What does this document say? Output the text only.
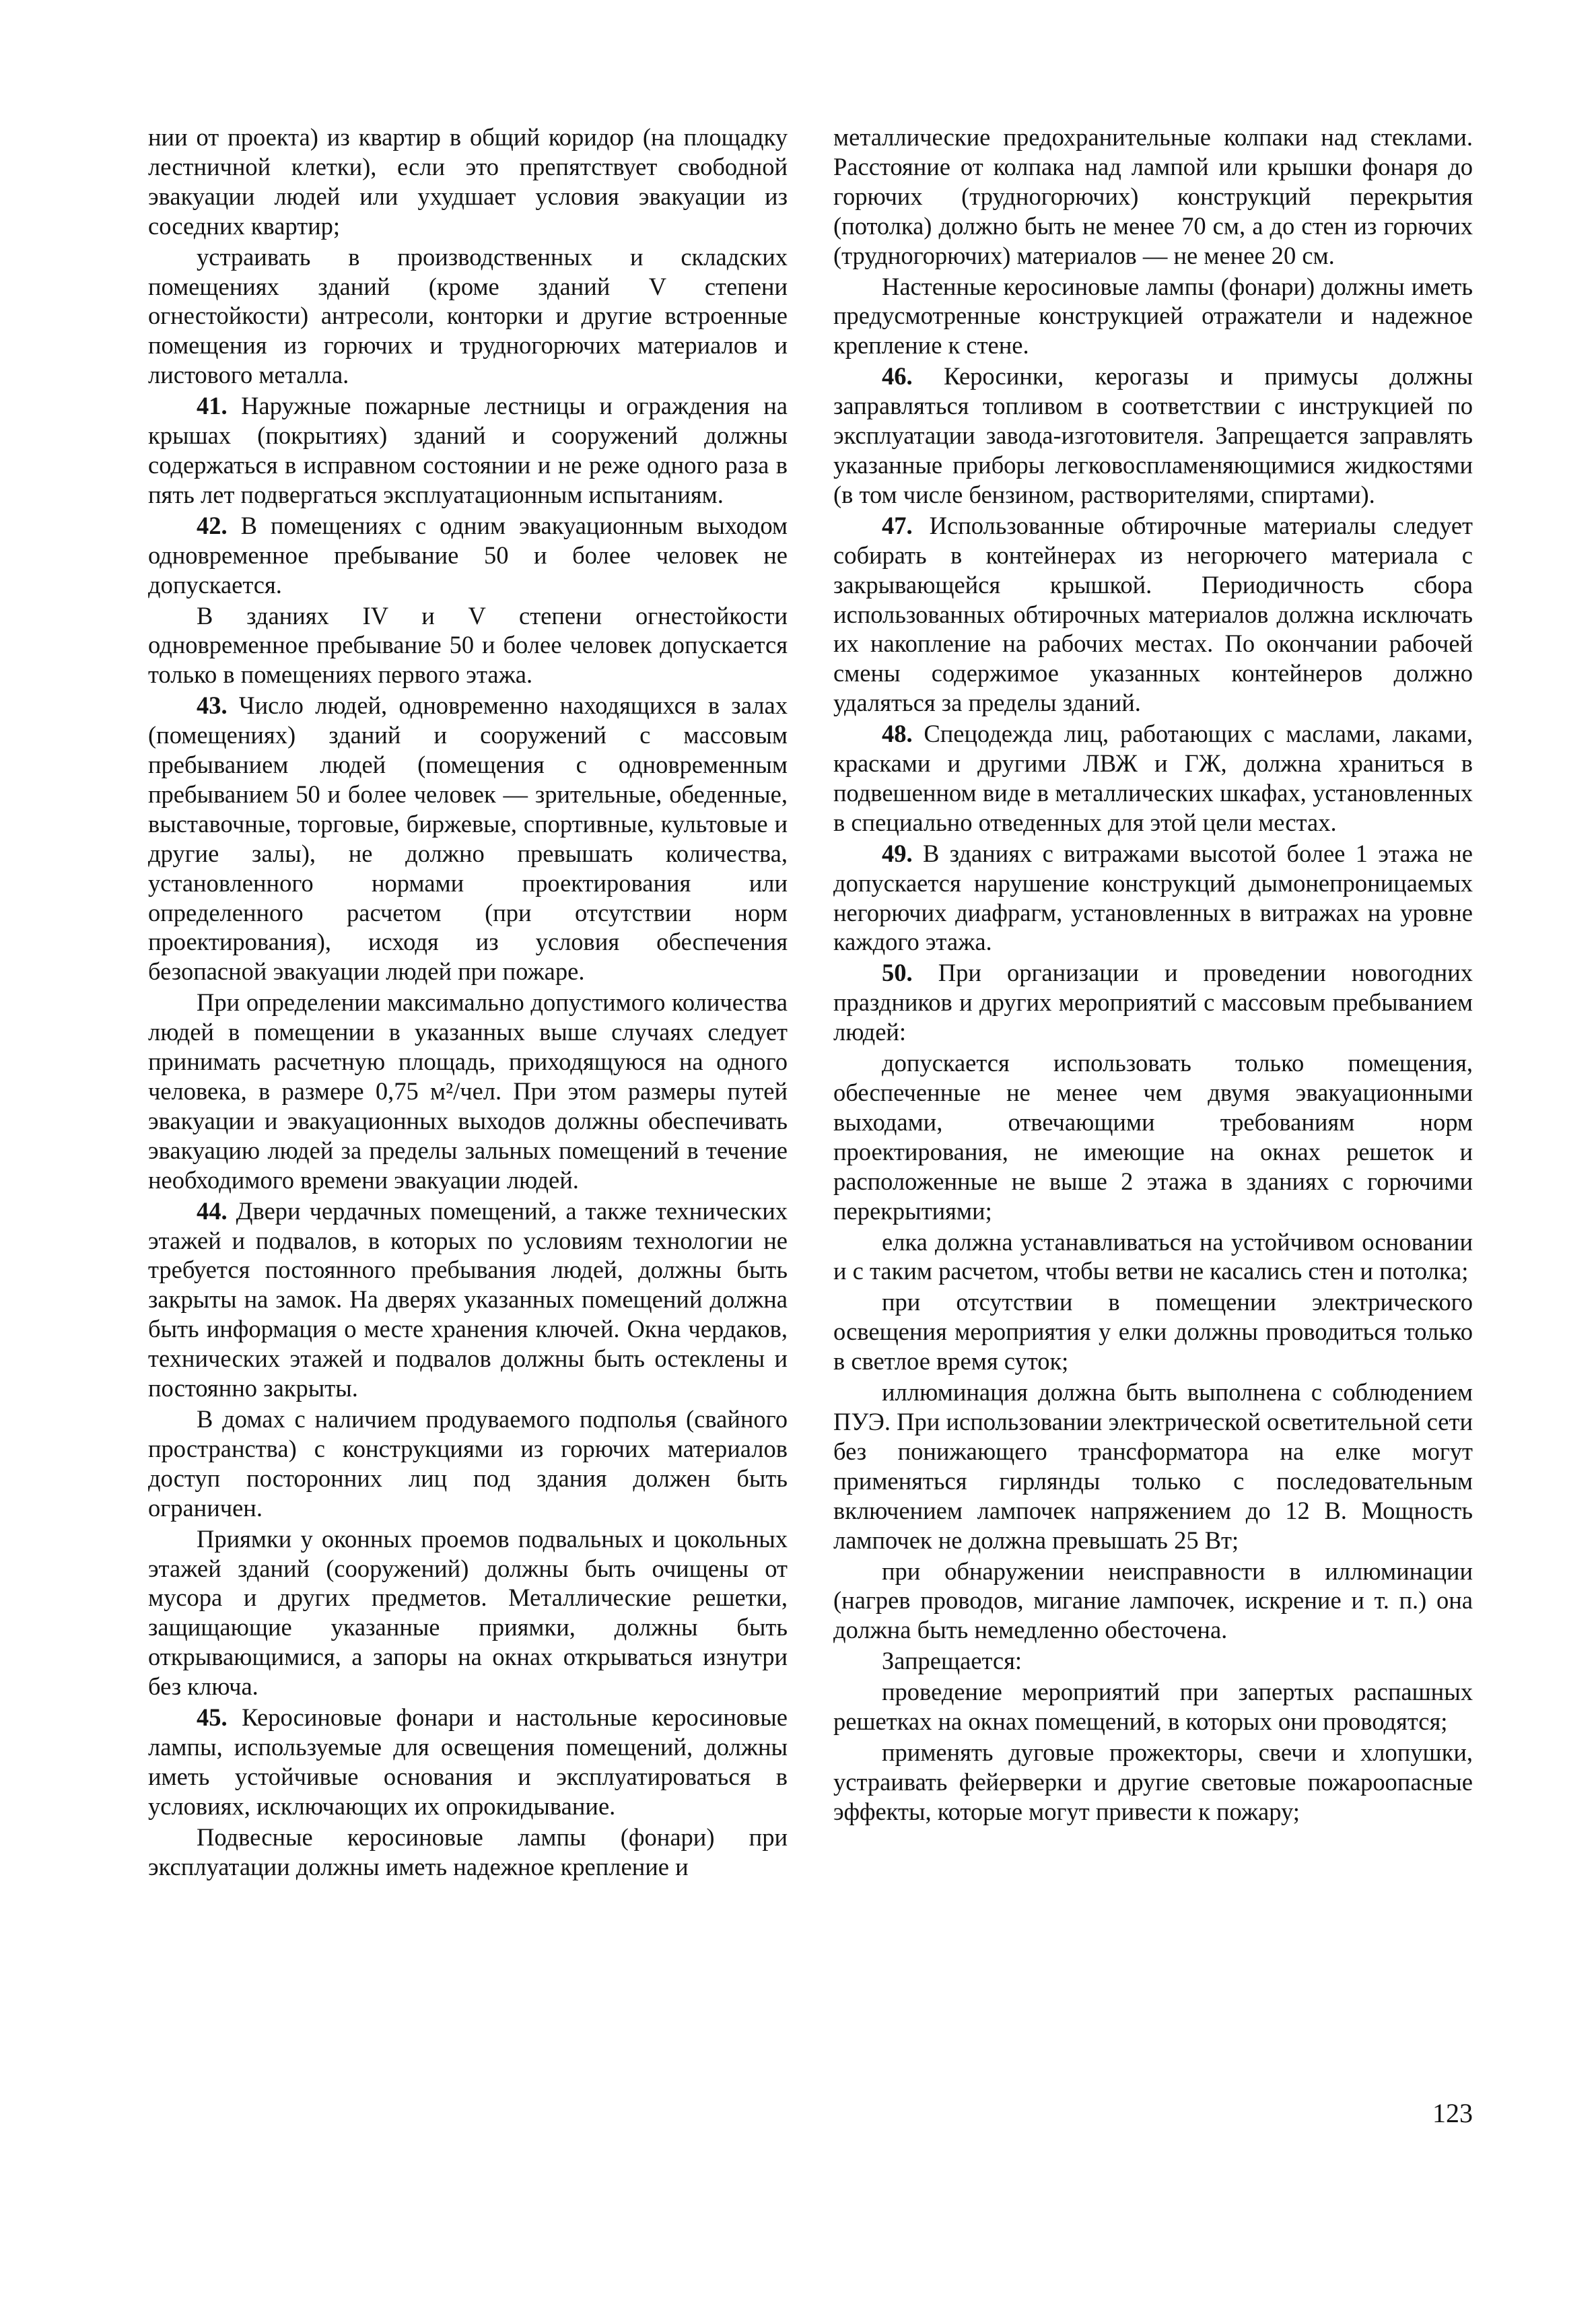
нии от проекта) из квартир в общий коридор (на площадку лестничной клетки), если это препятствует свободной эвакуации людей или ухудшает условия эвакуации из соседних квартир;

устраивать в производственных и складских помещениях зданий (кроме зданий V степени огнестойкости) антресоли, конторки и другие встроенные помещения из горючих и трудногорючих материалов и листового металла.

41. Наружные пожарные лестницы и ограждения на крышах (покрытиях) зданий и сооружений должны содержаться в исправном состоянии и не реже одного раза в пять лет подвергаться эксплуатационным испытаниям.

42. В помещениях с одним эвакуационным выходом одновременное пребывание 50 и более человек не допускается.

В зданиях IV и V степени огнестойкости одновременное пребывание 50 и более человек допускается только в помещениях первого этажа.

43. Число людей, одновременно находящихся в залах (помещениях) зданий и сооружений с массовым пребыванием людей (помещения с одновременным пребыванием 50 и более человек — зрительные, обеденные, выставочные, торговые, биржевые, спортивные, культовые и другие залы), не должно превышать количества, установленного нормами проектирования или определенного расчетом (при отсутствии норм проектирования), исходя из условия обеспечения безопасной эвакуации людей при пожаре.

При определении максимально допустимого количества людей в помещении в указанных выше случаях следует принимать расчетную площадь, приходящуюся на одного человека, в размере 0,75 м²/чел. При этом размеры путей эвакуации и эвакуационных выходов должны обеспечивать эвакуацию людей за пределы зальных помещений в течение необходимого времени эвакуации людей.

44. Двери чердачных помещений, а также технических этажей и подвалов, в которых по условиям технологии не требуется постоянного пребывания людей, должны быть закрыты на замок. На дверях указанных помещений должна быть информация о месте хранения ключей. Окна чердаков, технических этажей и подвалов должны быть остеклены и постоянно закрыты.

В домах с наличием продуваемого подполья (свайного пространства) с конструкциями из горючих материалов доступ посторонних лиц под здания должен быть ограничен.

Приямки у оконных проемов подвальных и цокольных этажей зданий (сооружений) должны быть очищены от мусора и других предметов. Металлические решетки, защищающие указанные приямки, должны быть открывающимися, а запоры на окнах открываться изнутри без ключа.

45. Керосиновые фонари и настольные керосиновые лампы, используемые для освещения помещений, должны иметь устойчивые основания и эксплуатироваться в условиях, исключающих их опрокидывание.

Подвесные керосиновые лампы (фонари) при эксплуатации должны иметь надежное крепление и

металлические предохранительные колпаки над стеклами. Расстояние от колпака над лампой или крышки фонаря до горючих (трудногорючих) конструкций перекрытия (потолка) должно быть не менее 70 см, а до стен из горючих (трудногорючих) материалов — не менее 20 см.

Настенные керосиновые лампы (фонари) должны иметь предусмотренные конструкцией отражатели и надежное крепление к стене.

46. Керосинки, керогазы и примусы должны заправляться топливом в соответствии с инструкцией по эксплуатации завода-изготовителя. Запрещается заправлять указанные приборы легковоспламеняющимися жидкостями (в том числе бензином, растворителями, спиртами).

47. Использованные обтирочные материалы следует собирать в контейнерах из негорючего материала с закрывающейся крышкой. Периодичность сбора использованных обтирочных материалов должна исключать их накопление на рабочих местах. По окончании рабочей смены содержимое указанных контейнеров должно удаляться за пределы зданий.

48. Спецодежда лиц, работающих с маслами, лаками, красками и другими ЛВЖ и ГЖ, должна храниться в подвешенном виде в металлических шкафах, установленных в специально отведенных для этой цели местах.

49. В зданиях с витражами высотой более 1 этажа не допускается нарушение конструкций дымонепроницаемых негорючих диафрагм, установленных в витражах на уровне каждого этажа.

50. При организации и проведении новогодних праздников и других мероприятий с массовым пребыванием людей:

допускается использовать только помещения, обеспеченные не менее чем двумя эвакуационными выходами, отвечающими требованиям норм проектирования, не имеющие на окнах решеток и расположенные не выше 2 этажа в зданиях с горючими перекрытиями;

елка должна устанавливаться на устойчивом основании и с таким расчетом, чтобы ветви не касались стен и потолка;

при отсутствии в помещении электрического освещения мероприятия у елки должны проводиться только в светлое время суток;

иллюминация должна быть выполнена с соблюдением ПУЭ. При использовании электрической осветительной сети без понижающего трансформатора на елке могут применяться гирлянды только с последовательным включением лампочек напряжением до 12 В. Мощность лампочек не должна превышать 25 Вт;

при обнаружении неисправности в иллюминации (нагрев проводов, мигание лампочек, искрение и т. п.) она должна быть немедленно обесточена.

Запрещается:

проведение мероприятий при запертых распашных решетках на окнах помещений, в которых они проводятся;

применять дуговые прожекторы, свечи и хлопушки, устраивать фейерверки и другие световые пожароопасные эффекты, которые могут привести к пожару;

123
